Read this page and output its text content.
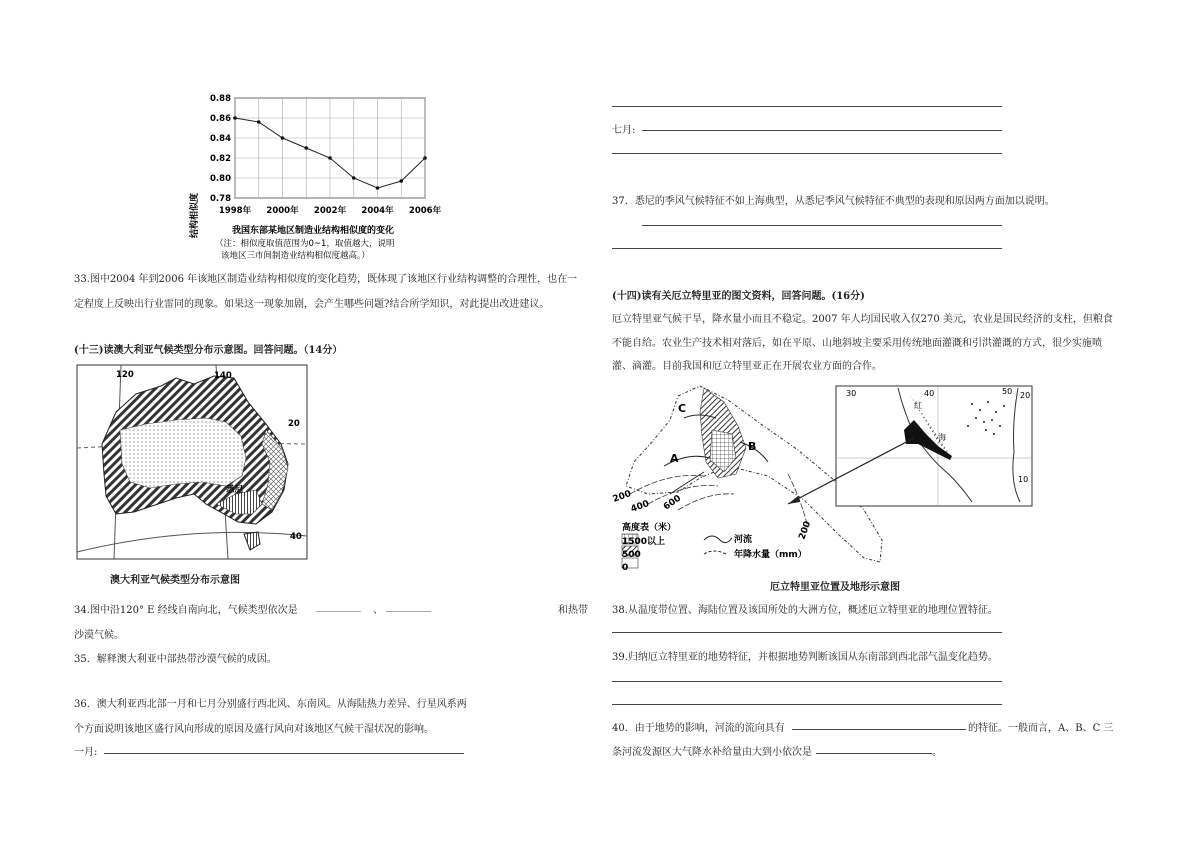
0.88
0.86
0.84
0.82
0.80
0.78
1998年 2000年 2002年 2004年 2006年
结构相似度	我国东部某地区制造业结构相似度的变化
（注：相似度取值范围为0~1，取值越大，说明
该地区三市间制造业结构相似度越高。）
33.图中2004 年到2006 年该地区制造业结构相似度的变化趋势，既体现了该地区行业结构调整的合理性，也在一
定程度上反映出行业雷同的现象。如果这一现象加剧，会产生哪些问题?结合所学知识，对此提出改进建议。
(十三)读澳大利亚气候类型分布示意图。回答问题。（14分）
120	140
20
40
悉尼
澳大利亚气候类型分布示意图
34.图中沿120° E 经线自南向北，气候类型依次是 _________ 、 _________	和热带
沙漠气候。
35．解释澳大利亚中部热带沙漠气候的成因。
36．澳大利亚西北部一月和七月分别盛行西北风、东南风。从海陆热力差异、行星风系两
个方面说明该地区盛行风向形成的原因及盛行风向对该地区气候干湿状况的影响。
一月:
七月:
37．悉尼的季风气候特征不如上海典型，从悉尼季风气候特征不典型的表现和原因两方面加以说明。
(十四)读有关厄立特里亚的图文资料，回答问题。(16分)
厄立特里亚气候干旱，降水量小而且不稳定。2007 年人均国民收入仅270 美元，农业是国民经济的支柱，但粮食
不能自给。农业生产技术相对落后，如在平原、山地斜坡主要采用传统地面灌溉和引洪灌溉的方式，很少实施喷
灌、滴灌。目前我国和厄立特里亚正在开展农业方面的合作。
C
A
B
200
400 600
200
高度表（米）
1500以上
500
0
河流
年降水量（mm）
30	40	50 20
10
红
海
厄立特里亚位置及地形示意图
38.从温度带位置、海陆位置及该国所处的大洲方位，概述厄立特里亚的地理位置特征。
39.归纳厄立特里亚的地势特征，并根据地势判断该国从东南部到西北部气温变化趋势。
40．由于地势的影响，河流的流向具有	的特征。一般而言，A、B、C 三
条河流发源区大气降水补给量由大到小依次是	。
